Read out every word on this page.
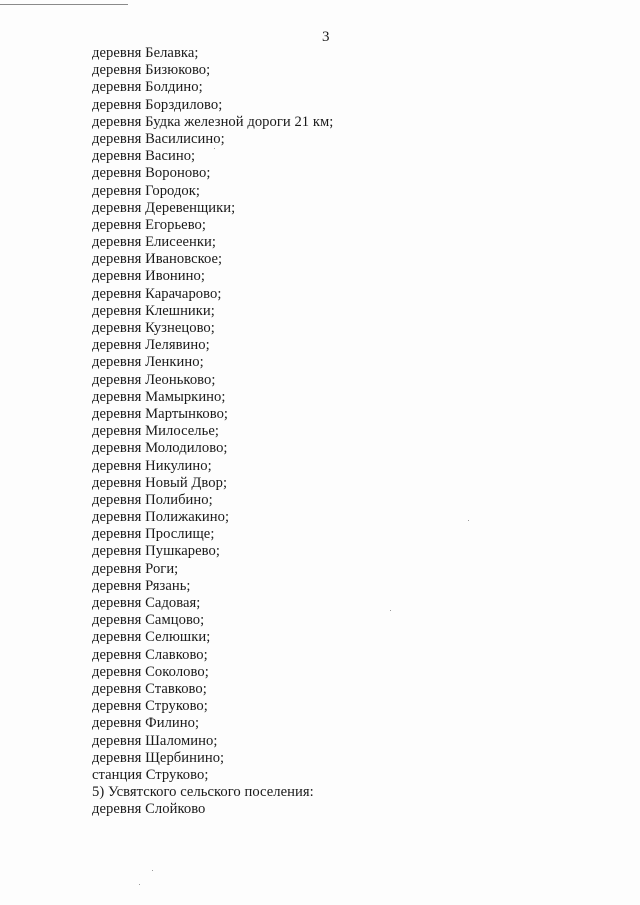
3
деревня Белавка;
деревня Бизюково;
деревня Болдино;
деревня Борздилово;
деревня Будка железной дороги 21 км;
деревня Василисино;
деревня Васино;
деревня Вороново;
деревня Городок;
деревня Деревенщики;
деревня Егорьево;
деревня Елисеенки;
деревня Ивановское;
деревня Ивонино;
деревня Карачарово;
деревня Клешники;
деревня Кузнецово;
деревня Лелявино;
деревня Ленкино;
деревня Леоньково;
деревня Мамыркино;
деревня Мартынково;
деревня Милоселье;
деревня Молодилово;
деревня Никулино;
деревня Новый Двор;
деревня Полибино;
деревня Полижакино;
деревня Прослище;
деревня Пушкарево;
деревня Роги;
деревня Рязань;
деревня Садовая;
деревня Самцово;
деревня Селюшки;
деревня Славково;
деревня Соколово;
деревня Ставково;
деревня Струково;
деревня Филино;
деревня Шаломино;
деревня Щербинино;
станция Струково;
5) Усвятского сельского поселения:
деревня Слойково
